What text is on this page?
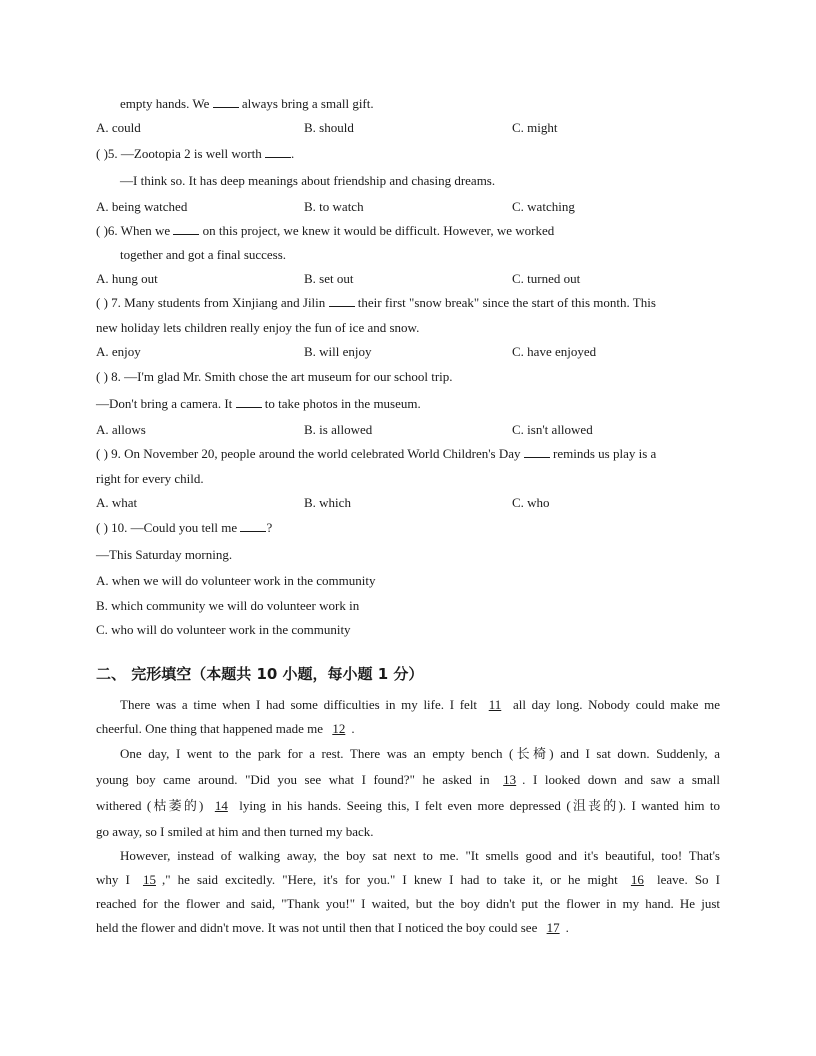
empty hands. We	always bring a small gift.
A. could	B. should	C. might
( )5. —Zootopia 2 is well worth .
—I think so. It has deep meanings about friendship and chasing dreams.
A. being watched	B. to watch	C. watching
( )6. When we	on this project, we knew it would be difficult. However, we worked
together and got a final success.
A. hung out	B. set out	C. turned out
( ) 7. Many students from Xinjiang and Jilin	their first "snow break" since the start of this month. This
new holiday lets children really enjoy the fun of ice and snow.
A. enjoy	B. will enjoy	C. have enjoyed
( ) 8. —I'm glad Mr. Smith chose the art museum for our school trip.
—Don't bring a camera. It	to take photos in the museum.
A. allows	B. is allowed	C. isn't allowed
( ) 9. On November 20, people around the world celebrated World Children's Day	reminds us play is a
right for every child.
A. what	B. which	C. who
( ) 10. —Could you tell me ?
—This Saturday morning.
A. when we will do volunteer work in the community
B. which community we will do volunteer work in
C. who will do volunteer work in the community
二、 完形填空（本题共 10 小题，每小题 1 分）
There was a time when I had some difficulties in my life. I felt 11 all day long. Nobody could make me
cheerful. One thing that happened made me 12 .
One day, I went to the park for a rest. There was an empty bench (长椅) and I sat down. Suddenly, a
young boy came around. "Did you see what I found?" he asked in 13 . I looked down and saw a small
withered (枯萎的) 14 lying in his hands. Seeing this, I felt even more depressed (沮丧的). I wanted him to
go away, so I smiled at him and then turned my back.
However, instead of walking away, the boy sat next to me. "It smells good and it's beautiful, too! That's
why I 15 ," he said excitedly. "Here, it's for you." I knew I had to take it, or he might 16 leave. So I
reached for the flower and said, "Thank you!" I waited, but the boy didn't put the flower in my hand. He just
held the flower and didn't move. It was not until then that I noticed the boy could see 17 .
